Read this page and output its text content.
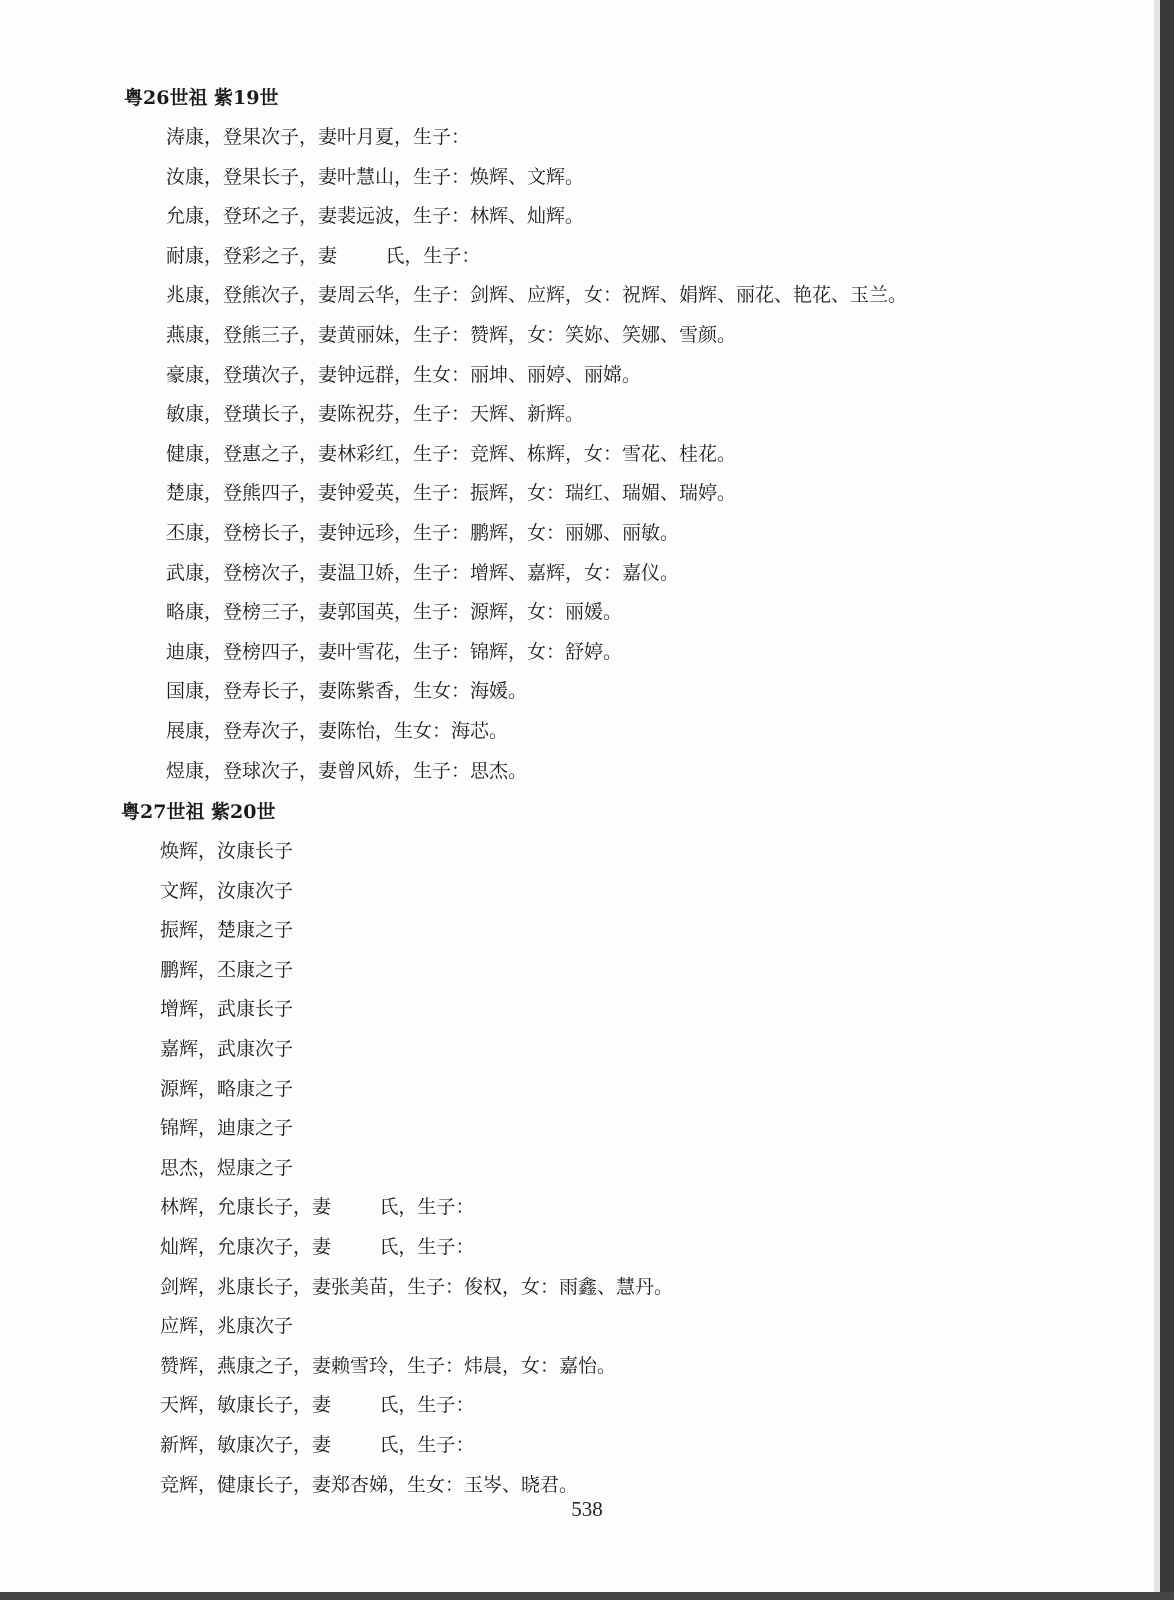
粤26世祖 紫19世
涛康，登果次子，妻叶月夏，生子：
汝康，登果长子，妻叶慧山，生子：焕辉、文辉。
允康，登环之子，妻裴远波，生子：林辉、灿辉。
耐康，登彩之子，妻        氏，生子：
兆康，登熊次子，妻周云华，生子：剑辉、应辉，女：祝辉、娟辉、丽花、艳花、玉兰。
燕康，登熊三子，妻黄丽妹，生子：赞辉，女：笑妳、笑娜、雪颜。
豪康，登璜次子，妻钟远群，生女：丽坤、丽婷、丽嫦。
敏康，登璜长子，妻陈祝芬，生子：天辉、新辉。
健康，登惠之子，妻林彩红，生子：竞辉、栋辉，女：雪花、桂花。
楚康，登熊四子，妻钟爱英，生子：振辉，女：瑞红、瑞媚、瑞婷。
丕康，登榜长子，妻钟远珍，生子：鹏辉，女：丽娜、丽敏。
武康，登榜次子，妻温卫娇，生子：增辉、嘉辉，女：嘉仪。
略康，登榜三子，妻郭国英，生子：源辉，女：丽媛。
迪康，登榜四子，妻叶雪花，生子：锦辉，女：舒婷。
国康，登寿长子，妻陈紫香，生女：海媛。
展康，登寿次子，妻陈怡，生女：海芯。
煜康，登球次子，妻曾风娇，生子：思杰。
粤27世祖 紫20世
焕辉，汝康长子
文辉，汝康次子
振辉，楚康之子
鹏辉，丕康之子
增辉，武康长子
嘉辉，武康次子
源辉，略康之子
锦辉，迪康之子
思杰，煜康之子
林辉，允康长子，妻        氏，生子：
灿辉，允康次子，妻        氏，生子：
剑辉，兆康长子，妻张美苗，生子：俊权，女：雨鑫、慧丹。
应辉，兆康次子
赞辉，燕康之子，妻赖雪玲，生子：炜晨，女：嘉怡。
天辉，敏康长子，妻        氏，生子：
新辉，敏康次子，妻        氏，生子：
竞辉，健康长子，妻郑杏娣，生女：玉岑、晓君。
538
